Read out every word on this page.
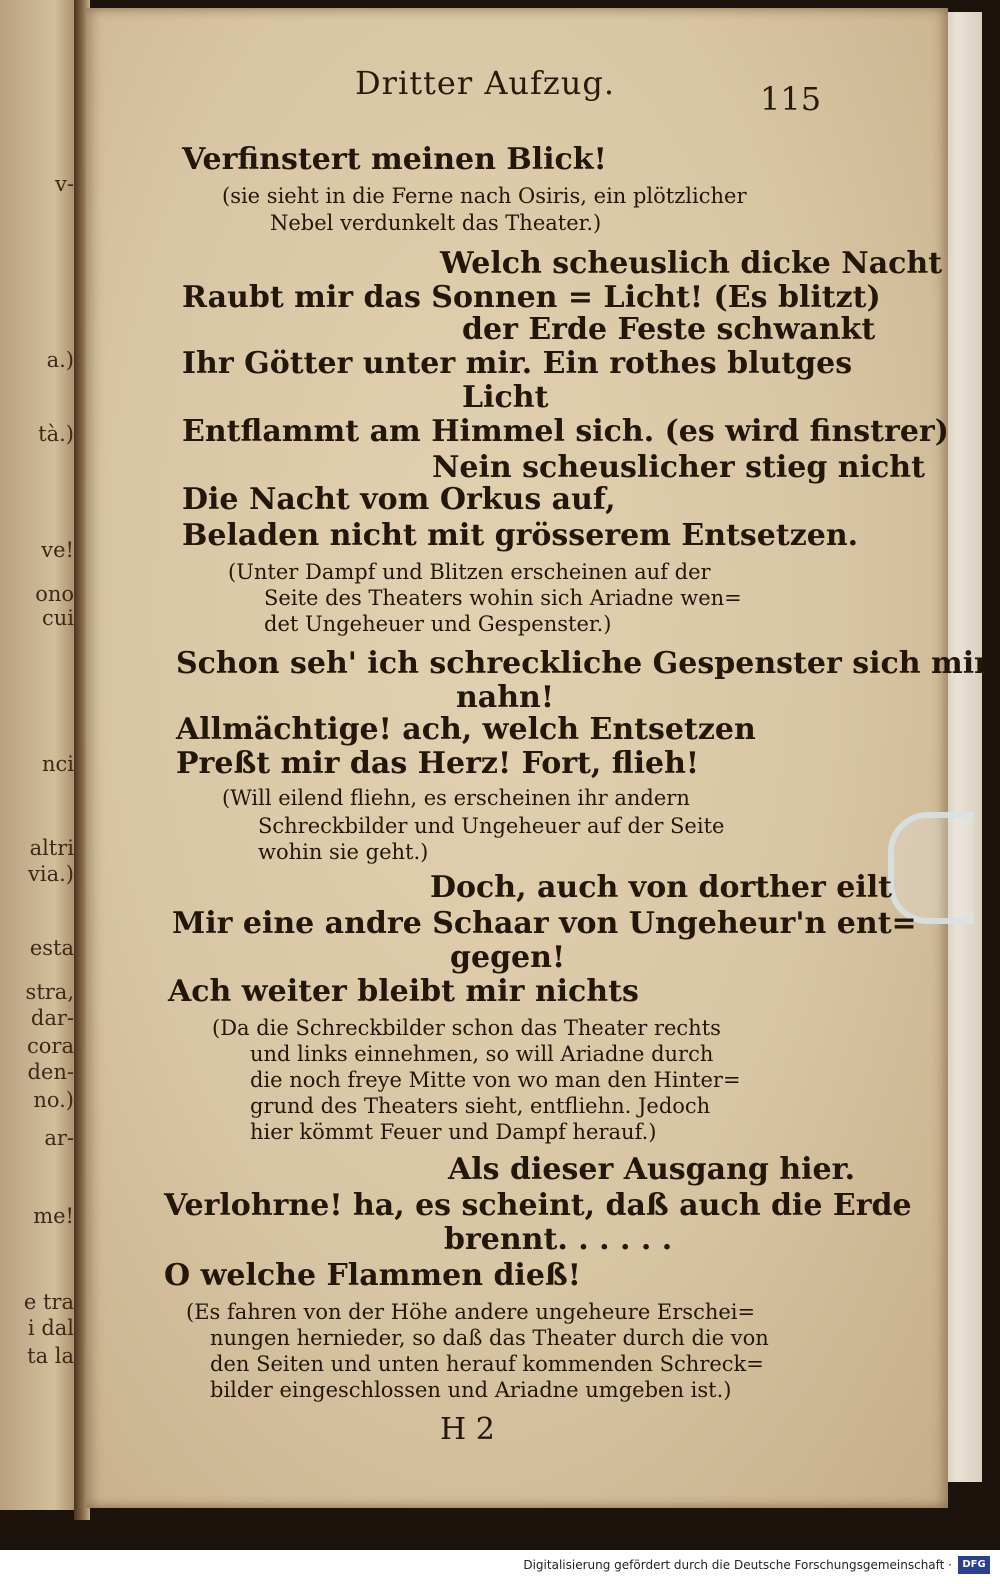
v-
a.)
tà.)
ve!
ono
cui
nci
altri
via.)
esta
stra,
dar-
cora
den-
no.)
ar-
me!
e tra
i dal
ta la
Dritter Aufzug.	115
Verfinstert meinen Blick!
(sie sieht in die Ferne nach Osiris, ein plötzlicher
Nebel verdunkelt das Theater.)
Welch scheuslich dicke Nacht
Raubt mir das Sonnen = Licht! (Es blitzt)
der Erde Feste schwankt
Ihr Götter unter mir. Ein rothes blutges
Licht
Entflammt am Himmel sich. (es wird finstrer)
Nein scheuslicher stieg nicht
Die Nacht vom Orkus auf,
Beladen nicht mit grösserem Entsetzen.
(Unter Dampf und Blitzen erscheinen auf der
Seite des Theaters wohin sich Ariadne wen=
det Ungeheuer und Gespenster.)
Schon seh' ich schreckliche Gespenster sich mir
nahn!
Allmächtige! ach, welch Entsetzen
Preßt mir das Herz! Fort, flieh!
(Will eilend fliehn, es erscheinen ihr andern
Schreckbilder und Ungeheuer auf der Seite
wohin sie geht.)
Doch, auch von dorther eilt
Mir eine andre Schaar von Ungeheur'n ent=
gegen!
Ach weiter bleibt mir nichts
(Da die Schreckbilder schon das Theater rechts
und links einnehmen, so will Ariadne durch
die noch freye Mitte von wo man den Hinter=
grund des Theaters sieht, entfliehn. Jedoch
hier kömmt Feuer und Dampf herauf.)
Als dieser Ausgang hier.
Verlohrne! ha, es scheint, daß auch die Erde
brennt. . . . . .
O welche Flammen dieß!
(Es fahren von der Höhe andere ungeheure Erschei=
nungen hernieder, so daß das Theater durch die von
den Seiten und unten herauf kommenden Schreck=
bilder eingeschlossen und Ariadne umgeben ist.)
H 2
Digitalisierung gefördert durch die Deutsche Forschungsgemeinschaft ·	DFG
